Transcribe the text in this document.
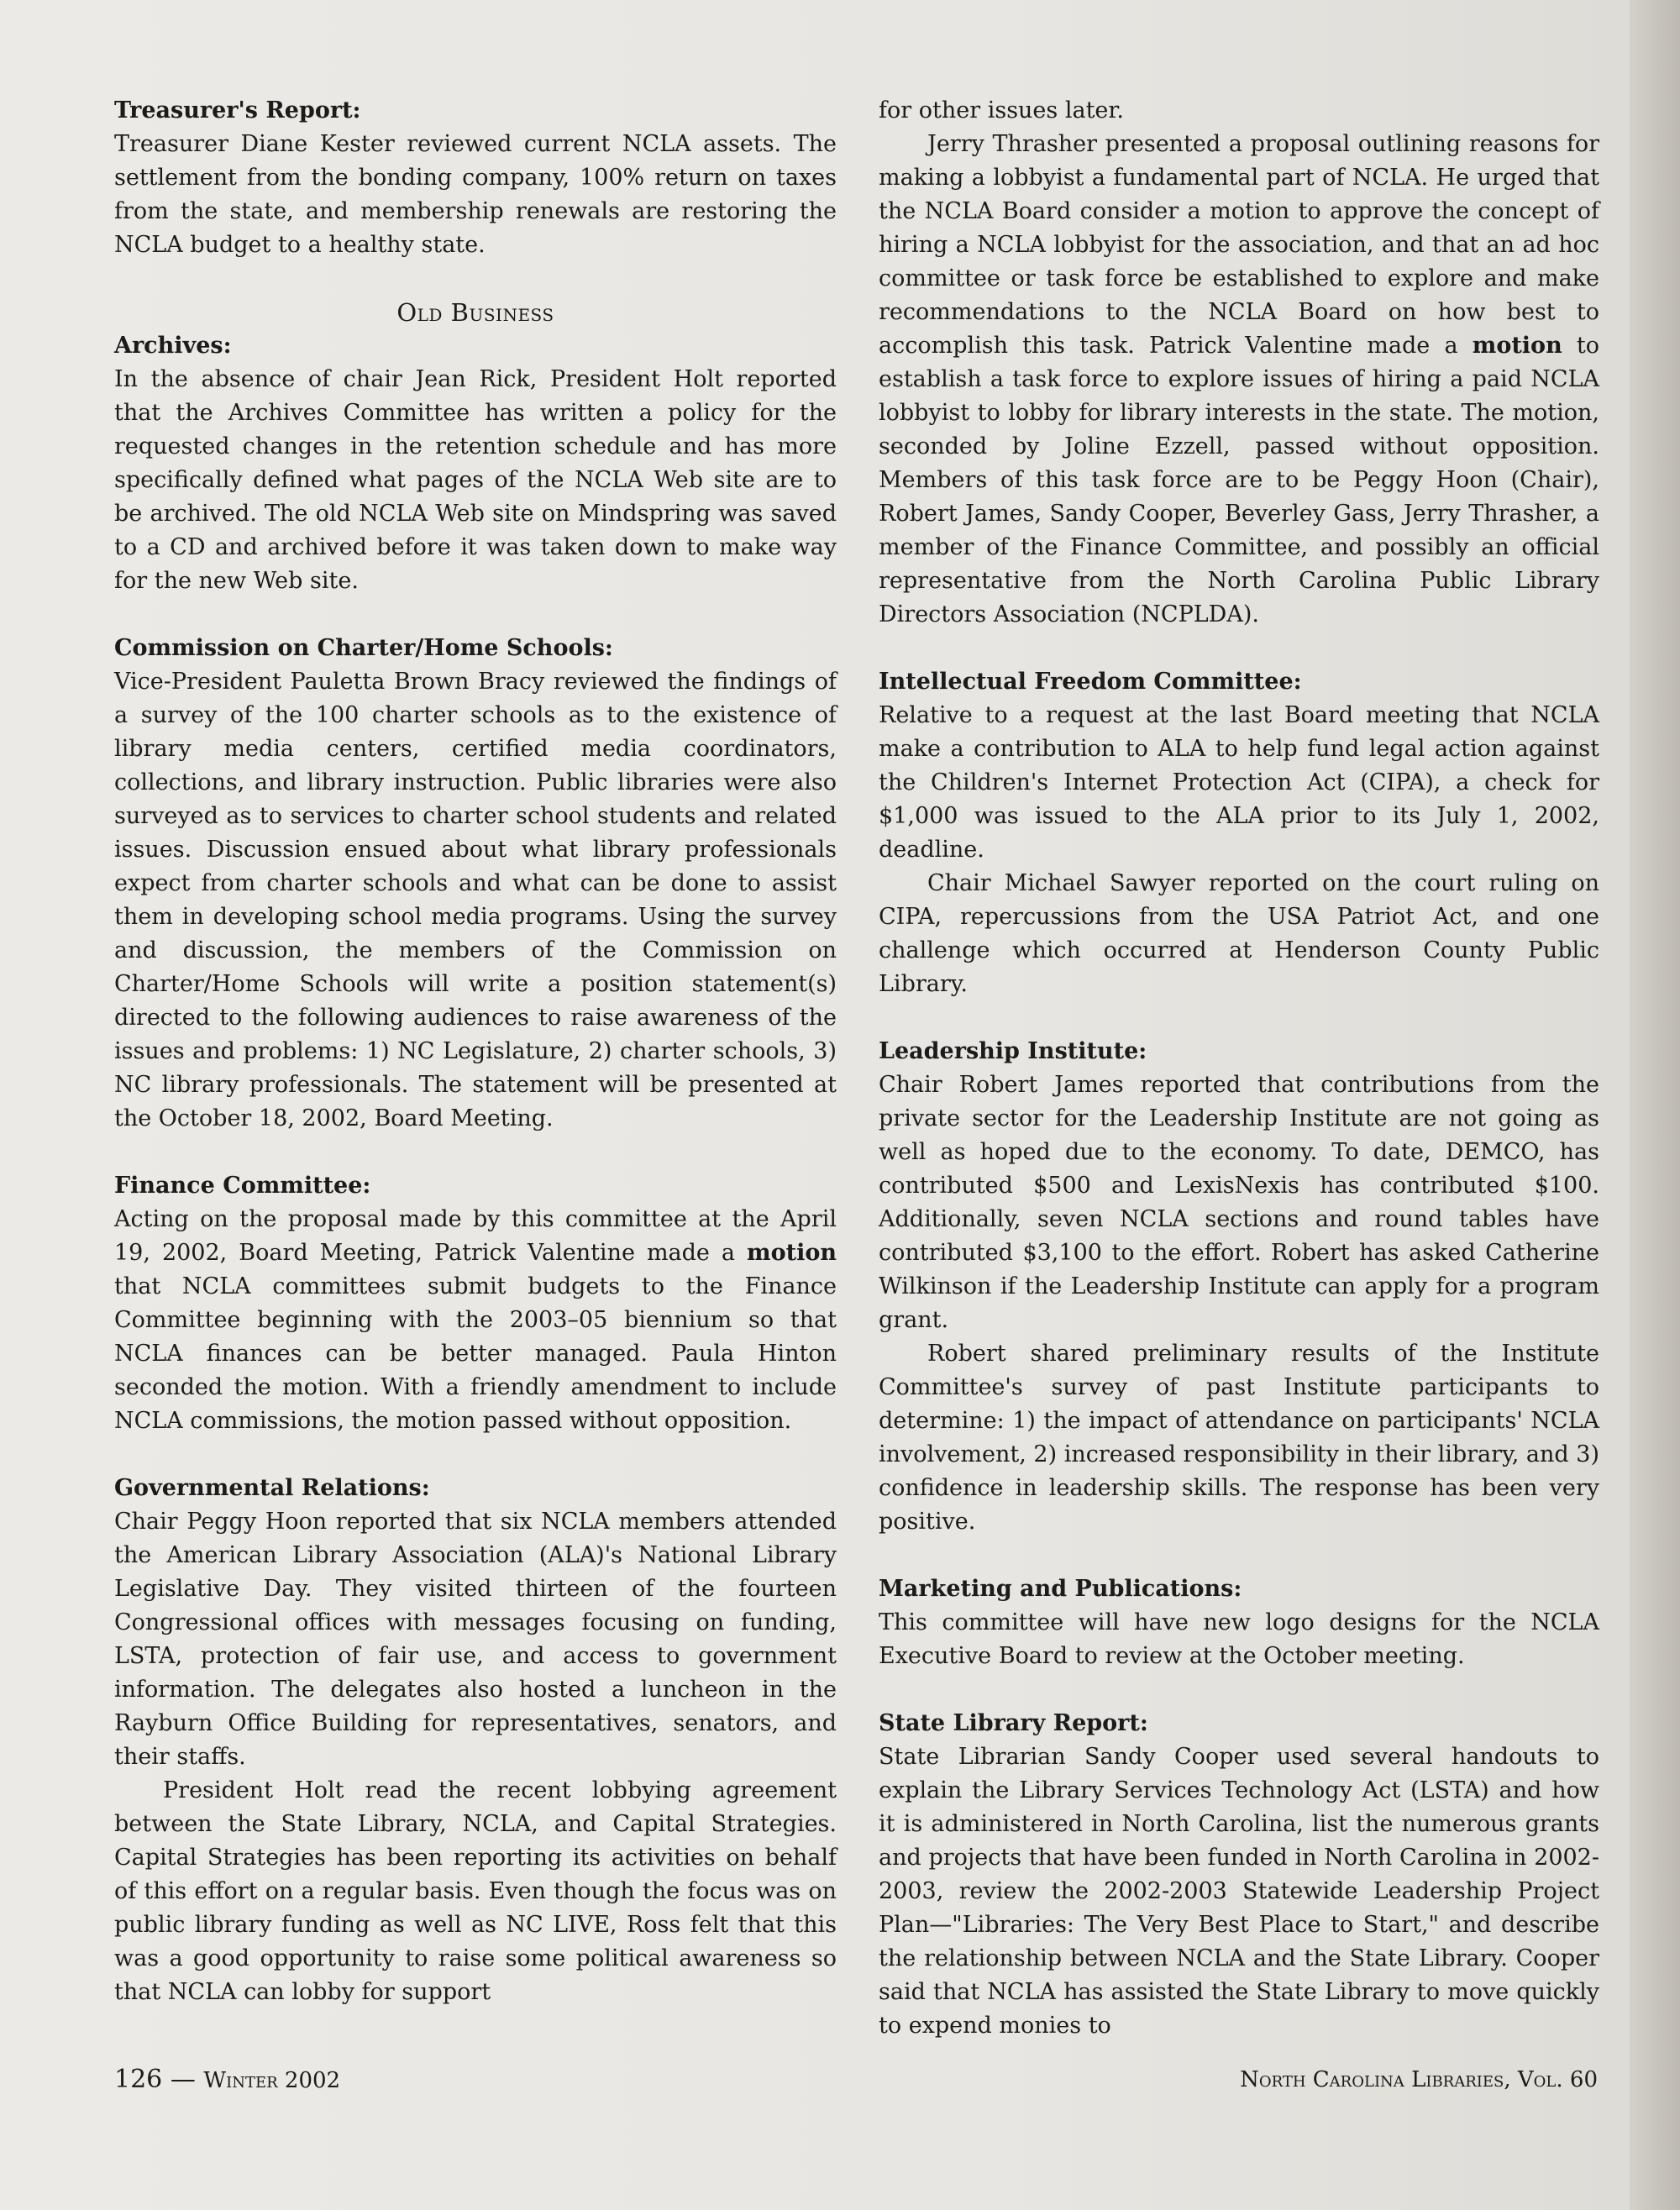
Treasurer's Report:

Treasurer Diane Kester reviewed current NCLA assets. The settlement from the bonding company, 100% return on taxes from the state, and membership renewals are restoring the NCLA budget to a healthy state.

Old Business
Archives:

In the absence of chair Jean Rick, President Holt reported that the Archives Committee has written a policy for the requested changes in the retention schedule and has more specifically defined what pages of the NCLA Web site are to be archived. The old NCLA Web site on Mindspring was saved to a CD and archived before it was taken down to make way for the new Web site.

Commission on Charter/Home Schools:

Vice-President Pauletta Brown Bracy reviewed the findings of a survey of the 100 charter schools as to the existence of library media centers, certified media coordinators, collections, and library instruction. Public libraries were also surveyed as to services to charter school students and related issues. Discussion ensued about what library professionals expect from charter schools and what can be done to assist them in developing school media programs. Using the survey and discussion, the members of the Commission on Charter/Home Schools will write a position statement(s) directed to the following audiences to raise awareness of the issues and problems: 1) NC Legislature, 2) charter schools, 3) NC library professionals. The statement will be presented at the October 18, 2002, Board Meeting.

Finance Committee:

Acting on the proposal made by this committee at the April 19, 2002, Board Meeting, Patrick Valentine made a motion that NCLA committees submit budgets to the Finance Committee beginning with the 2003–05 biennium so that NCLA finances can be better managed. Paula Hinton seconded the motion. With a friendly amendment to include NCLA commissions, the motion passed without opposition.

Governmental Relations:

Chair Peggy Hoon reported that six NCLA members attended the American Library Association (ALA)'s National Library Legislative Day. They visited thirteen of the fourteen Congressional offices with messages focusing on funding, LSTA, protection of fair use, and access to government information. The delegates also hosted a luncheon in the Rayburn Office Building for representatives, senators, and their staffs.

President Holt read the recent lobbying agreement between the State Library, NCLA, and Capital Strategies. Capital Strategies has been reporting its activities on behalf of this effort on a regular basis. Even though the focus was on public library funding as well as NC LIVE, Ross felt that this was a good opportunity to raise some political awareness so that NCLA can lobby for support

for other issues later.

Jerry Thrasher presented a proposal outlining reasons for making a lobbyist a fundamental part of NCLA. He urged that the NCLA Board consider a motion to approve the concept of hiring a NCLA lobbyist for the association, and that an ad hoc committee or task force be established to explore and make recommendations to the NCLA Board on how best to accomplish this task. Patrick Valentine made a motion to establish a task force to explore issues of hiring a paid NCLA lobbyist to lobby for library interests in the state. The motion, seconded by Joline Ezzell, passed without opposition. Members of this task force are to be Peggy Hoon (Chair), Robert James, Sandy Cooper, Beverley Gass, Jerry Thrasher, a member of the Finance Committee, and possibly an official representative from the North Carolina Public Library Directors Association (NCPLDA).

Intellectual Freedom Committee:

Relative to a request at the last Board meeting that NCLA make a contribution to ALA to help fund legal action against the Children's Internet Protection Act (CIPA), a check for $1,000 was issued to the ALA prior to its July 1, 2002, deadline.

Chair Michael Sawyer reported on the court ruling on CIPA, repercussions from the USA Patriot Act, and one challenge which occurred at Henderson County Public Library.

Leadership Institute:

Chair Robert James reported that contributions from the private sector for the Leadership Institute are not going as well as hoped due to the economy. To date, DEMCO, has contributed $500 and LexisNexis has contributed $100. Additionally, seven NCLA sections and round tables have contributed $3,100 to the effort. Robert has asked Catherine Wilkinson if the Leadership Institute can apply for a program grant.

Robert shared preliminary results of the Institute Committee's survey of past Institute participants to determine: 1) the impact of attendance on participants' NCLA involvement, 2) increased responsibility in their library, and 3) confidence in leadership skills. The response has been very positive.

Marketing and Publications:

This committee will have new logo designs for the NCLA Executive Board to review at the October meeting.

State Library Report:

State Librarian Sandy Cooper used several handouts to explain the Library Services Technology Act (LSTA) and how it is administered in North Carolina, list the numerous grants and projects that have been funded in North Carolina in 2002-2003, review the 2002-2003 Statewide Leadership Project Plan—"Libraries: The Very Best Place to Start," and describe the relationship between NCLA and the State Library. Cooper said that NCLA has assisted the State Library to move quickly to expend monies to

126 — Winter 2002	North Carolina Libraries, Vol. 60
